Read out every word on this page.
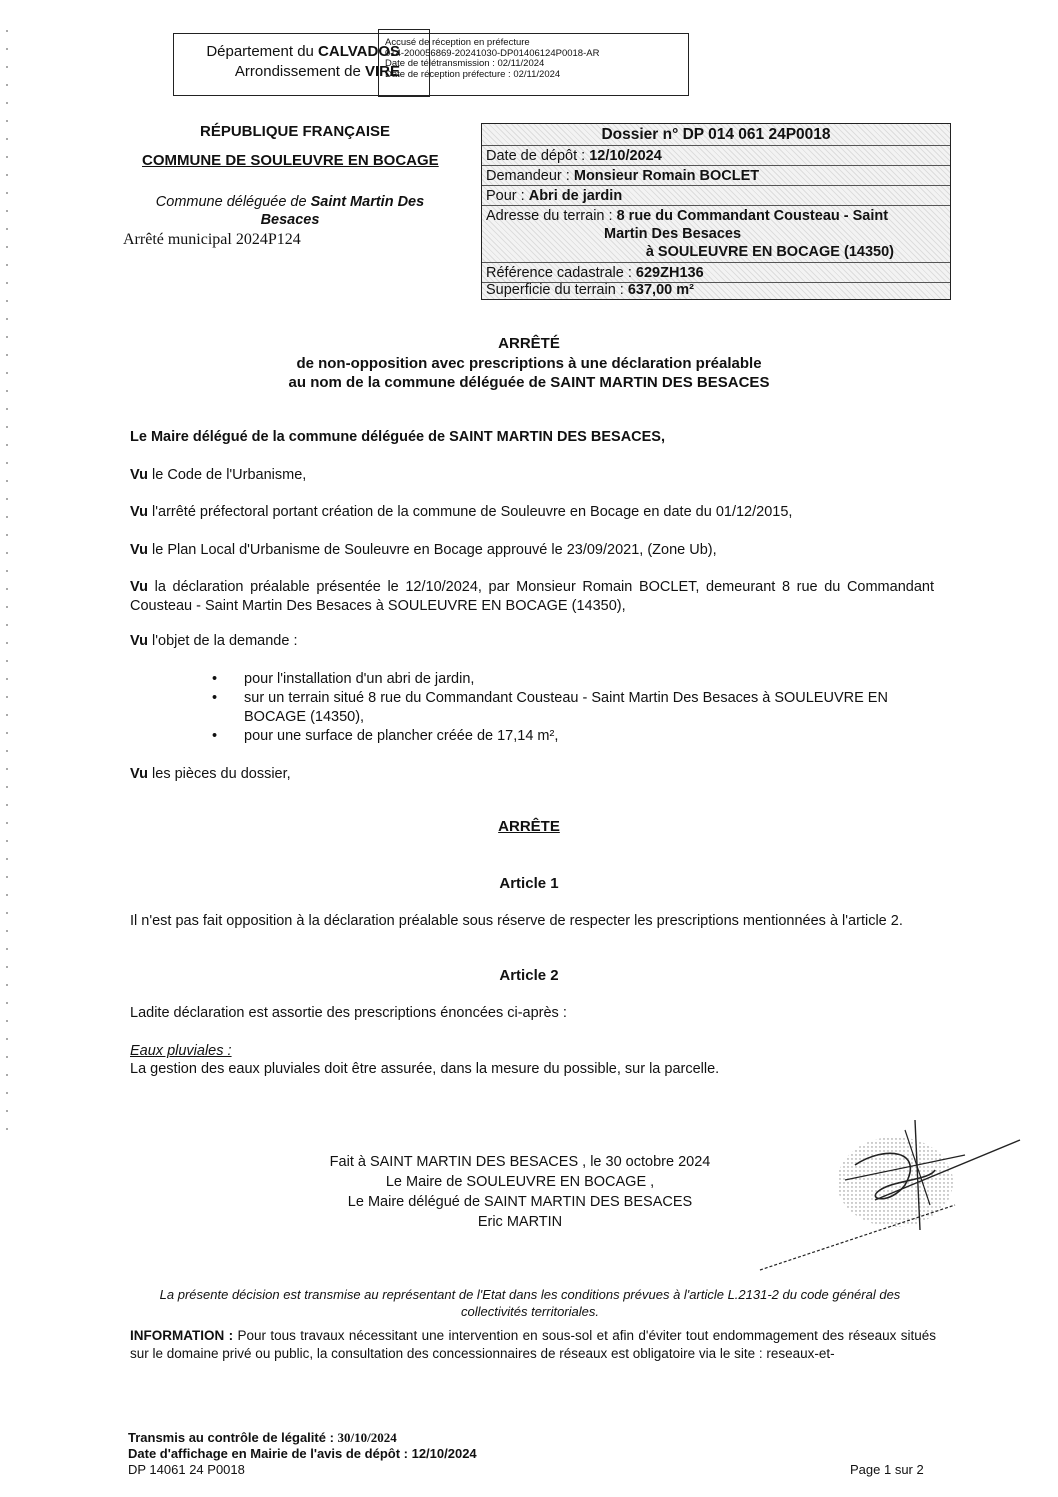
Département du CALVADOS
Arrondissement de VIRE
Accusé de réception en préfecture
014-200056869-20241030-DP01406124P0018-AR
Date de télétransmission : 02/11/2024
Date de réception préfecture : 02/11/2024
RÉPUBLIQUE FRANÇAISE
COMMUNE DE SOULEUVRE EN BOCAGE
Commune déléguée de Saint Martin Des Besaces
Arrêté municipal 2024P124
Dossier n° DP 014 061 24P0018
Date de dépôt : 12/10/2024
Demandeur : Monsieur Romain BOCLET
Pour : Abri de jardin
Adresse du terrain : 8 rue du Commandant Cousteau - Saint
Martin Des Besaces
à SOULEUVRE EN BOCAGE (14350)
Référence cadastrale : 629ZH136
Superficie du terrain : 637,00 m²
ARRÊTÉ
de non-opposition avec prescriptions à une déclaration préalable
au nom de la commune déléguée de SAINT MARTIN DES BESACES
Le Maire délégué de la commune déléguée de SAINT MARTIN DES BESACES,
Vu le Code de l'Urbanisme,
Vu l'arrêté préfectoral portant création de la commune de Souleuvre en Bocage en date du 01/12/2015,
Vu le Plan Local d'Urbanisme de Souleuvre en Bocage approuvé le 23/09/2021, (Zone Ub),
Vu la déclaration préalable présentée le 12/10/2024, par Monsieur Romain BOCLET, demeurant 8 rue du Commandant Cousteau - Saint Martin Des Besaces à SOULEUVRE EN BOCAGE (14350),
Vu l'objet de la demande :
• pour l'installation d'un abri de jardin,
• sur un terrain situé 8 rue du Commandant Cousteau - Saint Martin Des Besaces à SOULEUVRE EN BOCAGE (14350),
• pour une surface de plancher créée de 17,14 m²,
Vu les pièces du dossier,
ARRÊTE
Article 1
Il n'est pas fait opposition à la déclaration préalable sous réserve de respecter les prescriptions mentionnées à l'article 2.
Article 2
Ladite déclaration est assortie des prescriptions énoncées ci-après :
Eaux pluviales :
La gestion des eaux pluviales doit être assurée, dans la mesure du possible, sur la parcelle.
Fait à SAINT MARTIN DES BESACES , le 30 octobre 2024
Le Maire de SOULEUVRE EN BOCAGE ,
Le Maire délégué de SAINT MARTIN DES BESACES
Eric MARTIN
La présente décision est transmise au représentant de l'Etat dans les conditions prévues à l'article L.2131-2 du code général des collectivités territoriales.
INFORMATION : Pour tous travaux nécessitant une intervention en sous-sol et afin d'éviter tout endommagement des réseaux situés sur le domaine privé ou public, la consultation des concessionnaires de réseaux est obligatoire via le site : reseaux-et-
Transmis au contrôle de légalité : 30/10/2024
Date d'affichage en Mairie de l'avis de dépôt : 12/10/2024
DP 14061 24 P0018	Page 1 sur 2
